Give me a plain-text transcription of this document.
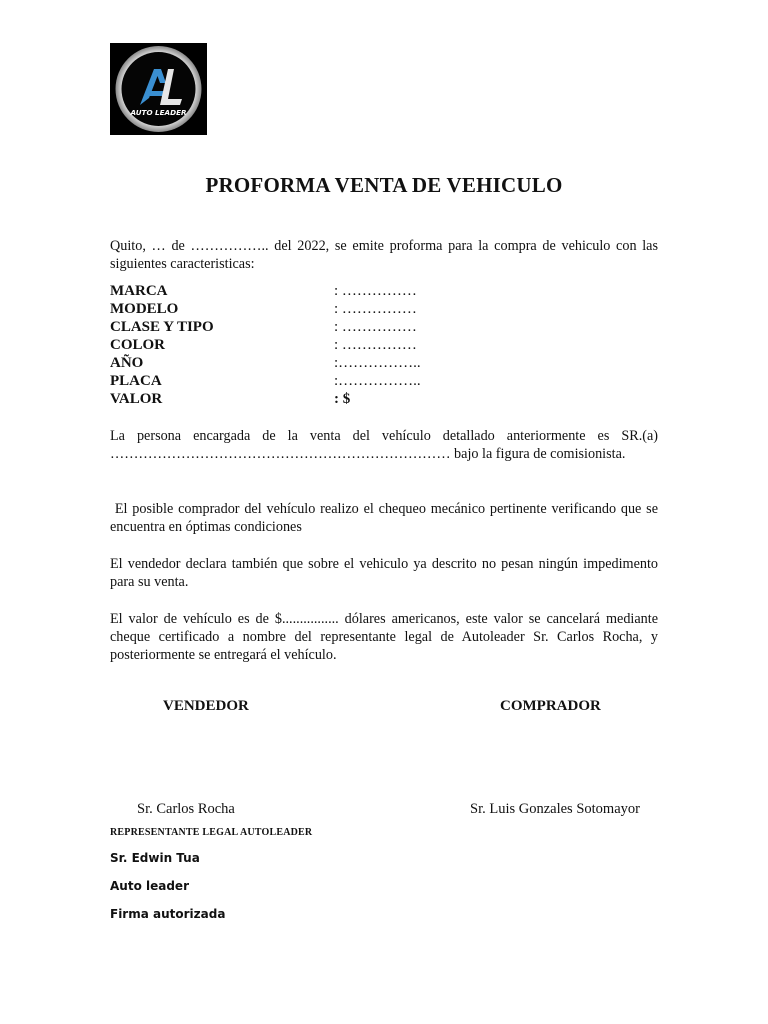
AUTO LEADER
PROFORMA VENTA DE VEHICULO
Quito, … de …………….. del 2022, se emite proforma para la compra de vehiculo con las siguientes caracteristicas:
MARCA	: ……………
MODELO	: ……………
CLASE Y TIPO	: ……………
COLOR	: ……………
AÑO	:……………..
PLACA	:……………..
VALOR	: $
La persona encargada de la venta del vehículo detallado anteriormente es SR.(a) ……………………………………………………………… bajo la figura de comisionista.
El posible comprador del vehículo realizo el chequeo mecánico pertinente verificando que se encuentra en óptimas condiciones
El vendedor declara también que sobre el vehiculo ya descrito no pesan ningún impedimento para su venta.
El valor de vehículo es de $................ dólares americanos, este valor se cancelará mediante cheque certificado a nombre del representante legal de Autoleader Sr. Carlos Rocha, y posteriormente se entregará el vehículo.
VENDEDOR	COMPRADOR
Sr. Carlos Rocha	Sr. Luis Gonzales Sotomayor
REPRESENTANTE LEGAL AUTOLEADER
Sr. Edwin Tua
Auto leader
Firma autorizada
